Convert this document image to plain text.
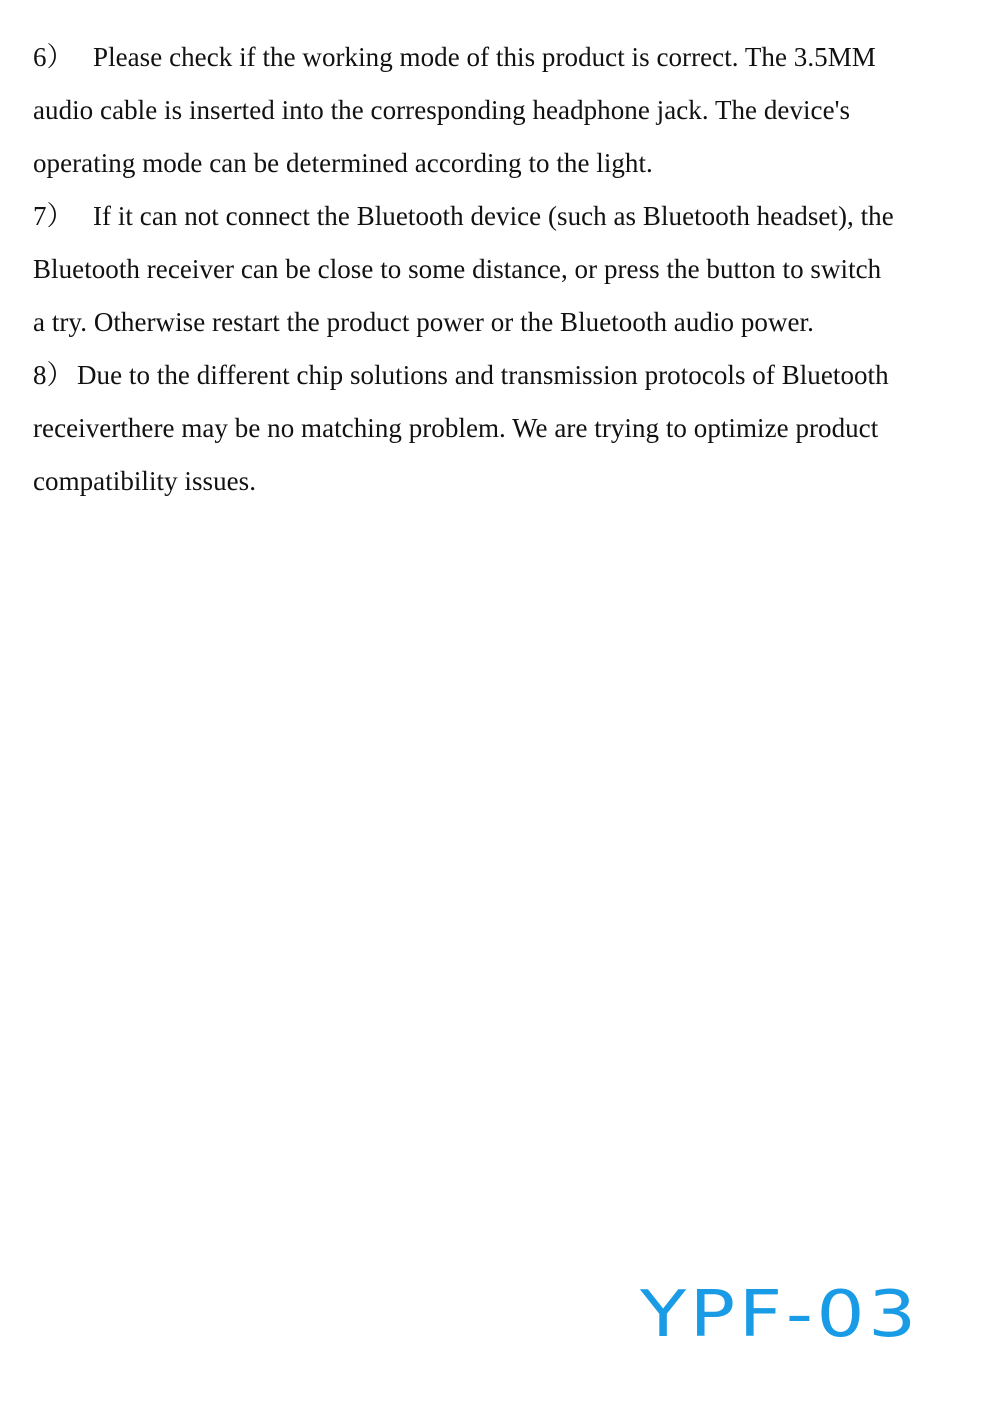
6） Please check if the working mode of this product is correct. The 3.5MM
audio cable is inserted into the corresponding headphone jack. The device's
operating mode can be determined according to the light.
7） If it can not connect the Bluetooth device (such as Bluetooth headset), the
Bluetooth receiver can be close to some distance, or press the button to switch
a try. Otherwise restart the product power or the Bluetooth audio power.
8） Due to the different chip solutions and transmission protocols of Bluetooth
receiverthere may be no matching problem. We are trying to optimize product
compatibility issues.
YPF-03
